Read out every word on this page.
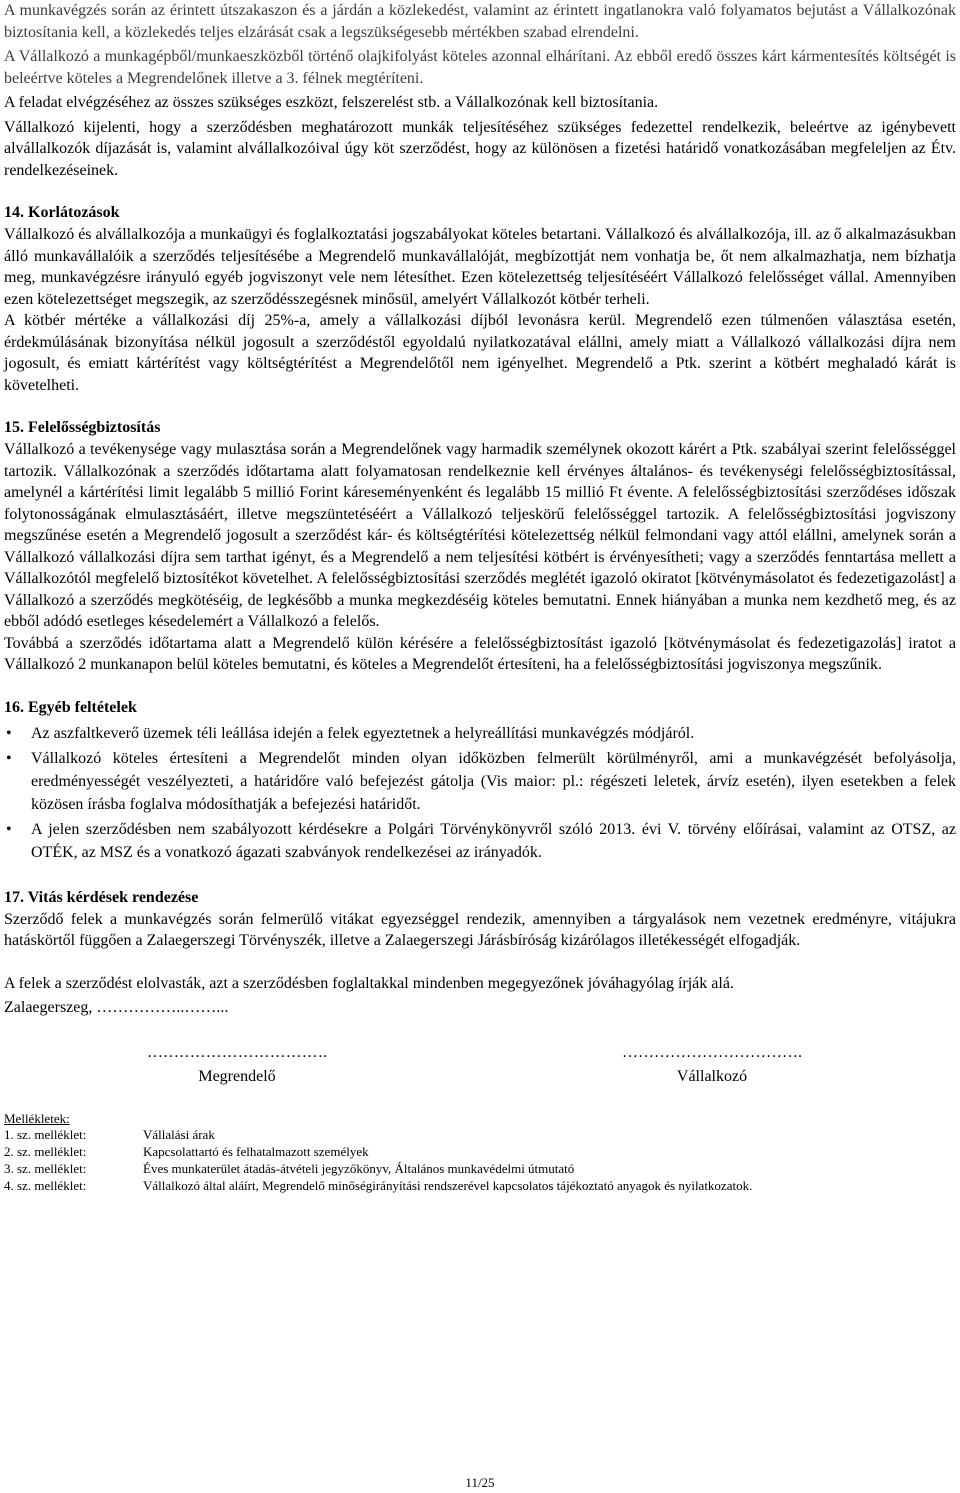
A munkavégzés során az érintett útszakaszon és a járdán a közlekedést, valamint az érintett ingatlanokra való folyamatos bejutást a Vállalkozónak biztosítania kell, a közlekedés teljes elzárását csak a legszükségesebb mértékben szabad elrendelni.

A Vállalkozó a munkagépből/munkaeszközből történő olajkifolyást köteles azonnal elhárítani. Az ebből eredő összes kárt kármentesítés költségét is beleértve köteles a Megrendelőnek illetve a 3. félnek megtéríteni.

A feladat elvégzéséhez az összes szükséges eszközt, felszerelést stb. a Vállalkozónak kell biztosítania.

Vállalkozó kijelenti, hogy a szerződésben meghatározott munkák teljesítéséhez szükséges fedezettel rendelkezik, beleértve az igénybevett alvállalkozók díjazását is, valamint alvállalkozóival úgy köt szerződést, hogy az különösen a fizetési határidő vonatkozásában megfeleljen az Étv. rendelkezéseinek.

14. Korlátozások

Vállalkozó és alvállalkozója a munkaügyi és foglalkoztatási jogszabályokat köteles betartani. Vállalkozó és alvállalkozója, ill. az ő alkalmazásukban álló munkavállalóik a szerződés teljesítésébe a Megrendelő munkavállalóját, megbízottját nem vonhatja be, őt nem alkalmazhatja, nem bízhatja meg, munkavégzésre irányuló egyéb jogviszonyt vele nem létesíthet. Ezen kötelezettség teljesítéséért Vállalkozó felelősséget vállal. Amennyiben ezen kötelezettséget megszegik, az szerződésszegésnek minősül, amelyért Vállalkozót kötbér terheli.

A kötbér mértéke a vállalkozási díj 25%-a, amely a vállalkozási díjból levonásra kerül. Megrendelő ezen túlmenően választása esetén, érdekmúlásának bizonyítása nélkül jogosult a szerződéstől egyoldalú nyilatkozatával elállni, amely miatt a Vállalkozó vállalkozási díjra nem jogosult, és emiatt kártérítést vagy költségtérítést a Megrendelőtől nem igényelhet. Megrendelő a Ptk. szerint a kötbért meghaladó kárát is követelheti.

15. Felelősségbiztosítás

Vállalkozó a tevékenysége vagy mulasztása során a Megrendelőnek vagy harmadik személynek okozott kárért a Ptk. szabályai szerint felelősséggel tartozik. Vállalkozónak a szerződés időtartama alatt folyamatosan rendelkeznie kell érvényes általános- és tevékenységi felelősségbiztosítással, amelynél a kártérítési limit legalább 5 millió Forint káreseményenként és legalább 15 millió Ft évente. A felelősségbiztosítási szerződéses időszak folytonosságának elmulasztásáért, illetve megszüntetéséért a Vállalkozó teljeskörű felelősséggel tartozik. A felelősségbiztosítási jogviszony megszűnése esetén a Megrendelő jogosult a szerződést kár- és költségtérítési kötelezettség nélkül felmondani vagy attól elállni, amelynek során a Vállalkozó vállalkozási díjra sem tarthat igényt, és a Megrendelő a nem teljesítési kötbért is érvényesítheti; vagy a szerződés fenntartása mellett a Vállalkozótól megfelelő biztosítékot követelhet. A felelősségbiztosítási szerződés meglétét igazoló okiratot [kötvénymásolatot és fedezetigazolást] a Vállalkozó a szerződés megkötéséig, de legkésőbb a munka megkezdéséig köteles bemutatni. Ennek hiányában a munka nem kezdhető meg, és az ebből adódó esetleges késedelemért a Vállalkozó a felelős.

Továbbá a szerződés időtartama alatt a Megrendelő külön kérésére a felelősségbiztosítást igazoló [kötvénymásolat és fedezetigazolás] iratot a Vállalkozó 2 munkanapon belül köteles bemutatni, és köteles a Megrendelőt értesíteni, ha a felelősségbiztosítási jogviszonya megszűnik.

16. Egyéb feltételek
• Az aszfaltkeverő üzemek téli leállása idején a felek egyeztetnek a helyreállítási munkavégzés módjáról.
• Vállalkozó köteles értesíteni a Megrendelőt minden olyan időközben felmerült körülményről, ami a munkavégzését befolyásolja, eredményességét veszélyezteti, a határidőre való befejezést gátolja (Vis maior: pl.: régészeti leletek, árvíz esetén), ilyen esetekben a felek közösen írásba foglalva módosíthatják a befejezési határidőt.
• A jelen szerződésben nem szabályozott kérdésekre a Polgári Törvénykönyvről szóló 2013. évi V. törvény előírásai, valamint az OTSZ, az OTÉK, az MSZ és a vonatkozó ágazati szabványok rendelkezései az irányadók.
17. Vitás kérdések rendezése

Szerződő felek a munkavégzés során felmerülő vitákat egyezséggel rendezik, amennyiben a tárgyalások nem vezetnek eredményre, vitájukra hatáskörtől függően a Zalaegerszegi Törvényszék, illetve a Zalaegerszegi Járásbíróság kizárólagos illetékességét elfogadják.

A felek a szerződést elolvasták, azt a szerződésben foglaltakkal mindenben megegyezőnek jóváhagyólag írják alá.

Zalaegerszeg, ……………..……...

…………………………….
Megrendelő
…………………………….
Vállalkozó
Mellékletek:
1. sz. melléklet:	Vállalási árak
2. sz. melléklet:	Kapcsolattartó és felhatalmazott személyek
3. sz. melléklet:	Éves munkaterület átadás-átvételi jegyzőkönyv, Általános munkavédelmi útmutató
4. sz. melléklet:	Vállalkozó által aláírt, Megrendelő minőségirányítási rendszerével kapcsolatos tájékoztató anyagok és nyilatkozatok.
11/25
